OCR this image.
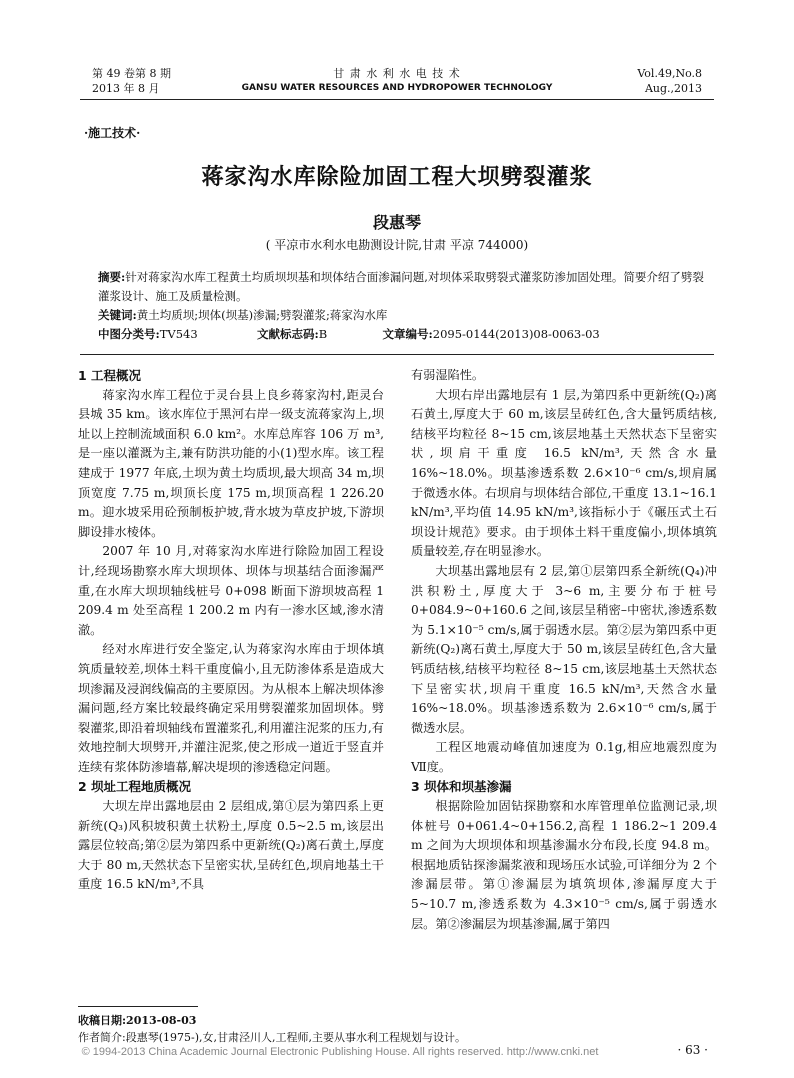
第 49 卷第 8 期
2013 年 8 月
甘 肃 水 利 水 电 技 术
GANSU WATER RESOURCES AND HYDROPOWER TECHNOLOGY
Vol.49,No.8
Aug.,2013
·施工技术·
蒋家沟水库除险加固工程大坝劈裂灌浆
段惠琴
( 平凉市水利水电勘测设计院,甘肃 平凉 744000)
摘要:针对蒋家沟水库工程黄土均质坝坝基和坝体结合面渗漏问题,对坝体采取劈裂式灌浆防渗加固处理。简要介绍了劈裂灌浆设计、施工及质量检测。
关键词:黄土均质坝;坝体(坝基)渗漏;劈裂灌浆;蒋家沟水库
中图分类号:TV543	文献标志码:B	文章编号:2095-0144(2013)08-0063-03
1 工程概况

蒋家沟水库工程位于灵台县上良乡蒋家沟村,距灵台县城 35 km。该水库位于黑河右岸一级支流蒋家沟上,坝址以上控制流域面积 6.0 km²。水库总库容 106 万 m³,是一座以灌溉为主,兼有防洪功能的小(1)型水库。该工程建成于 1977 年底,土坝为黄土均质坝,最大坝高 34 m,坝顶宽度 7.75 m,坝顶长度 175 m,坝顶高程 1 226.20 m。迎水坡采用砼预制板护坡,背水坡为草皮护坡,下游坝脚设排水棱体。

2007 年 10 月,对蒋家沟水库进行除险加固工程设计,经现场勘察水库大坝坝体、坝体与坝基结合面渗漏严重,在水库大坝坝轴线桩号 0+098 断面下游坝坡高程 1 209.4 m 处至高程 1 200.2 m 内有一渗水区域,渗水清澈。

经对水库进行安全鉴定,认为蒋家沟水库由于坝体填筑质量较差,坝体土料干重度偏小,且无防渗体系是造成大坝渗漏及浸润线偏高的主要原因。为从根本上解决坝体渗漏问题,经方案比较最终确定采用劈裂灌浆加固坝体。劈裂灌浆,即沿着坝轴线布置灌浆孔,利用灌注泥浆的压力,有效地控制大坝劈开,并灌注泥浆,使之形成一道近于竖直并连续有浆体防渗墙幕,解决堤坝的渗透稳定问题。

2 坝址工程地质概况

大坝左岸出露地层由 2 层组成,第①层为第四系上更新统(Q₃)风积坡积黄土状粉土,厚度 0.5~2.5 m,该层出露层位较高;第②层为第四系中更新统(Q₂)离石黄土,厚度大于 80 m,天然状态下呈密实状,呈砖红色,坝肩地基土干重度 16.5 kN/m³,不具

有弱湿陷性。

大坝右岸出露地层有 1 层,为第四系中更新统(Q₂)离石黄土,厚度大于 60 m,该层呈砖红色,含大量钙质结核,结核平均粒径 8~15 cm,该层地基土天然状态下呈密实状,坝肩干重度 16.5 kN/m³,天然含水量 16%~18.0%。坝基渗透系数 2.6×10⁻⁶ cm/s,坝肩属于微透水体。右坝肩与坝体结合部位,干重度 13.1~16.1 kN/m³,平均值 14.95 kN/m³,该指标小于《碾压式土石坝设计规范》要求。由于坝体土料干重度偏小,坝体填筑质量较差,存在明显渗水。

大坝基出露地层有 2 层,第①层第四系全新统(Q₄)冲洪积粉土,厚度大于 3~6 m,主要分布于桩号 0+084.9~0+160.6 之间,该层呈稍密–中密状,渗透系数为 5.1×10⁻⁵ cm/s,属于弱透水层。第②层为第四系中更新统(Q₂)离石黄土,厚度大于 50 m,该层呈砖红色,含大量钙质结核,结核平均粒径 8~15 cm,该层地基土天然状态下呈密实状,坝肩干重度 16.5 kN/m³,天然含水量 16%~18.0%。坝基渗透系数为 2.6×10⁻⁶ cm/s,属于微透水层。

工程区地震动峰值加速度为 0.1g,相应地震烈度为Ⅶ度。

3 坝体和坝基渗漏

根据除险加固钻探勘察和水库管理单位监测记录,坝体桩号 0+061.4~0+156.2,高程 1 186.2~1 209.4 m 之间为大坝坝体和坝基渗漏水分布段,长度 94.8 m。根据地质钻探渗漏浆液和现场压水试验,可详细分为 2 个渗漏层带。第①渗漏层为填筑坝体,渗漏厚度大于 5~10.7 m,渗透系数为 4.3×10⁻⁵ cm/s,属于弱透水层。第②渗漏层为坝基渗漏,属于第四

收稿日期:2013-08-03
作者简介:段惠琴(1975-),女,甘肃泾川人,工程师,主要从事水利工程规划与设计。
© 1994-2013 China Academic Journal Electronic Publishing House. All rights reserved. http://www.cnki.net	· 63 ·
